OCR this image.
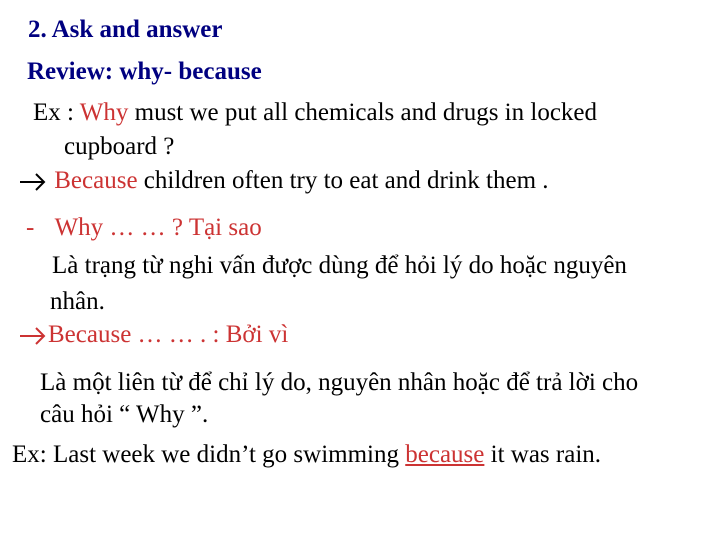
2. Ask and answer
Review: why- because
Ex : Why must we put all chemicals and drugs in locked
cupboard ?
Because children often try to eat and drink them .
- Why … … ? Tại sao
Là trạng từ nghi vấn được dùng để hỏi lý do hoặc nguyên
nhân.
Because … … . : Bởi vì
Là một liên từ để chỉ lý do, nguyên nhân hoặc để trả lời cho
câu hỏi “ Why ”.
Ex: Last week we didn’t go swimming because it was rain.
